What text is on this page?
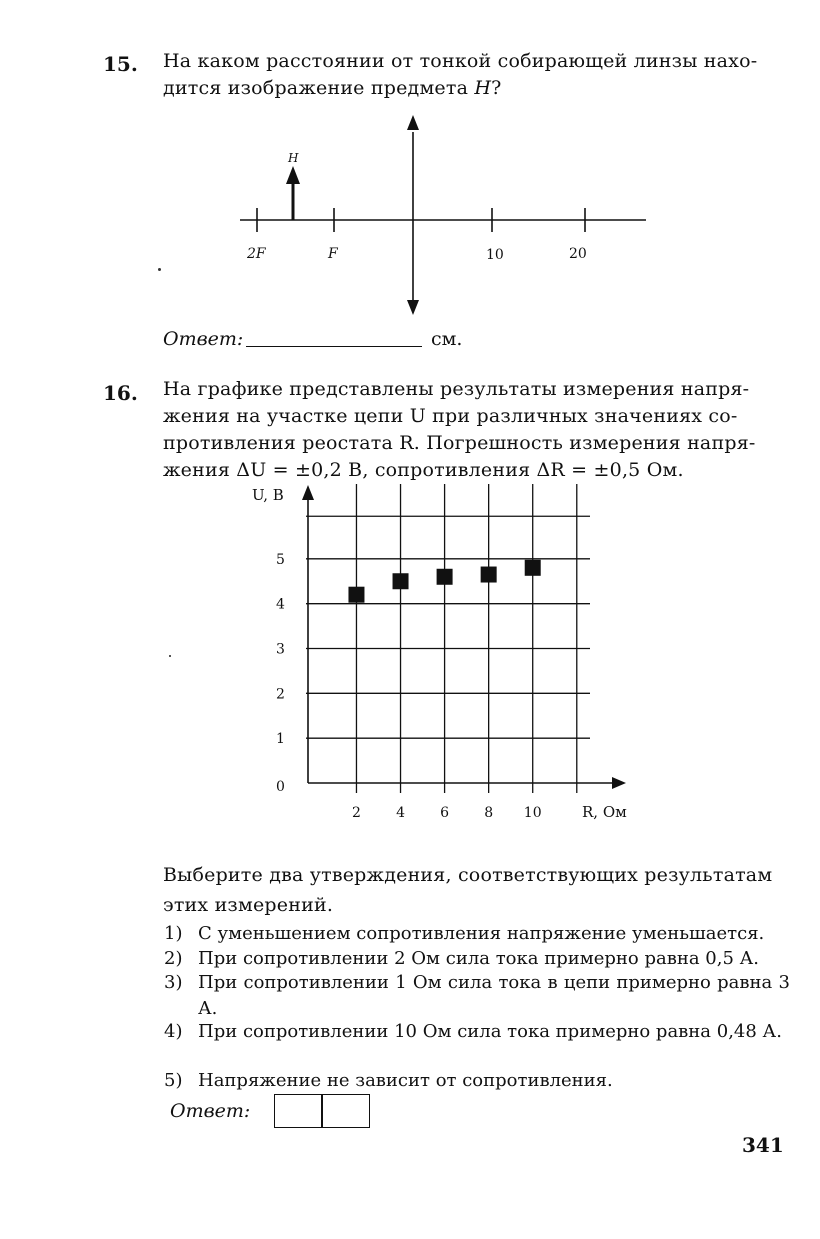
15. На каком расстоянии от тонкой собирающей линзы нахо-
дится изображение предмета H?
H
2F	F	10	20
Ответ:	см.
16. На графике представлены результаты измерения напря-
жения на участке цепи U при различных значениях со-
противления реостата R. Погрешность измерения напря-
жения ΔU = ±0,2 В, сопротивления ΔR = ±0,5 Ом.
0
1
2
3
4
5
2	4	6	8 10
U, В
R, Ом
Выберите два утверждения, соответствующих результатам
этих измерений.
1) С уменьшением сопротивления напряжение уменьшается.
2) При сопротивлении 2 Ом сила тока примерно равна 0,5 А.
3) При сопротивлении 1 Ом сила тока в цепи примерно равна 3 А.
4) При сопротивлении 10 Ом сила тока примерно равна 0,48 А.
5) Напряжение не зависит от сопротивления.
Ответ:
341
